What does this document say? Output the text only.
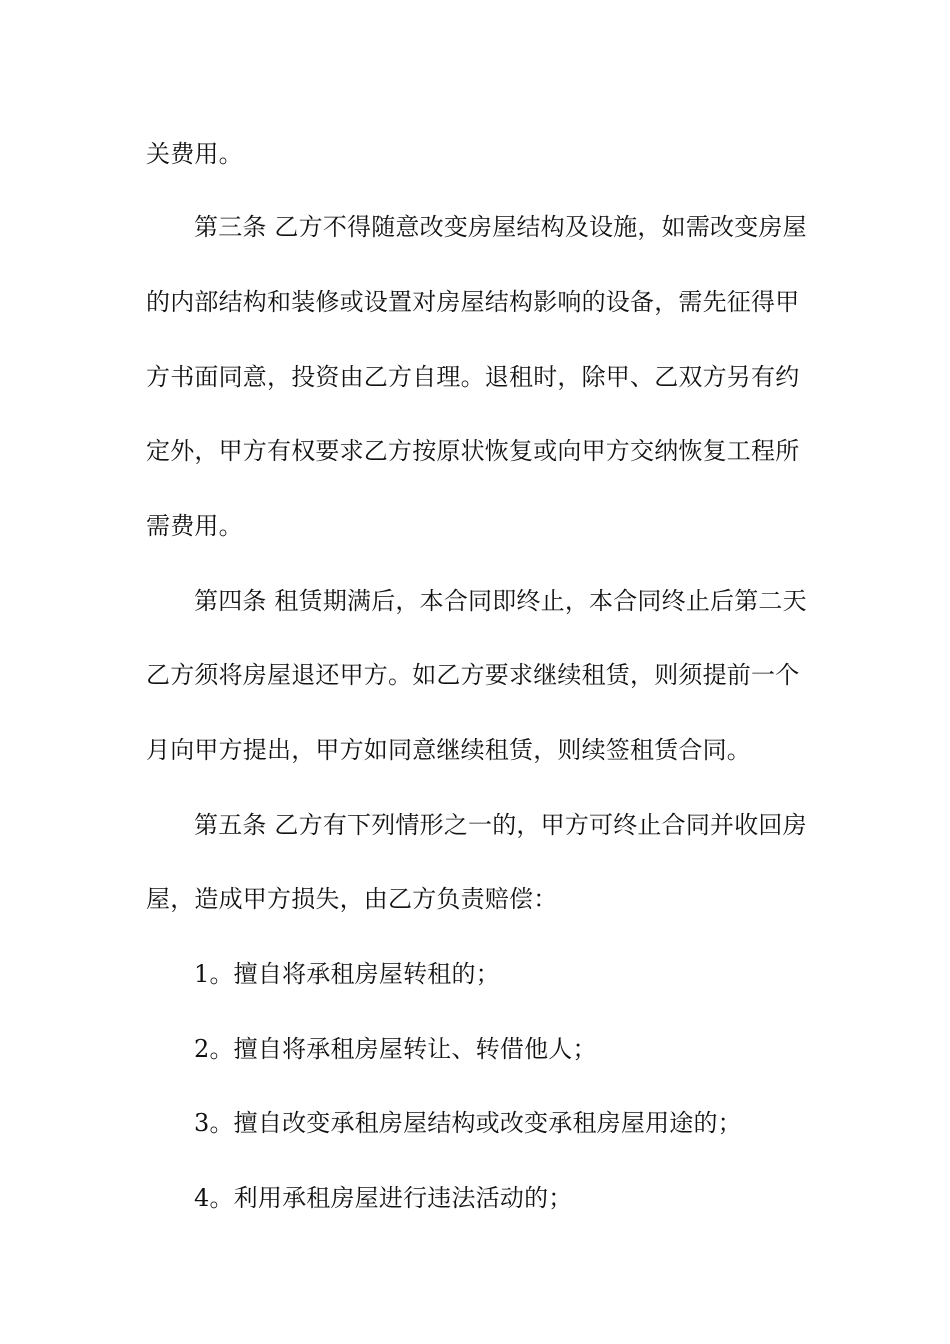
关费用。
第三条 乙方不得随意改变房屋结构及设施，如需改变房屋
的内部结构和装修或设置对房屋结构影响的设备，需先征得甲
方书面同意，投资由乙方自理。退租时，除甲、乙双方另有约
定外，甲方有权要求乙方按原状恢复或向甲方交纳恢复工程所
需费用。
第四条 租赁期满后，本合同即终止，本合同终止后第二天
乙方须将房屋退还甲方。如乙方要求继续租赁，则须提前一个
月向甲方提出，甲方如同意继续租赁，则续签租赁合同。
第五条 乙方有下列情形之一的，甲方可终止合同并收回房
屋，造成甲方损失，由乙方负责赔偿：
1。擅自将承租房屋转租的；
2。擅自将承租房屋转让、转借他人；
3。擅自改变承租房屋结构或改变承租房屋用途的；
4。利用承租房屋进行违法活动的；
